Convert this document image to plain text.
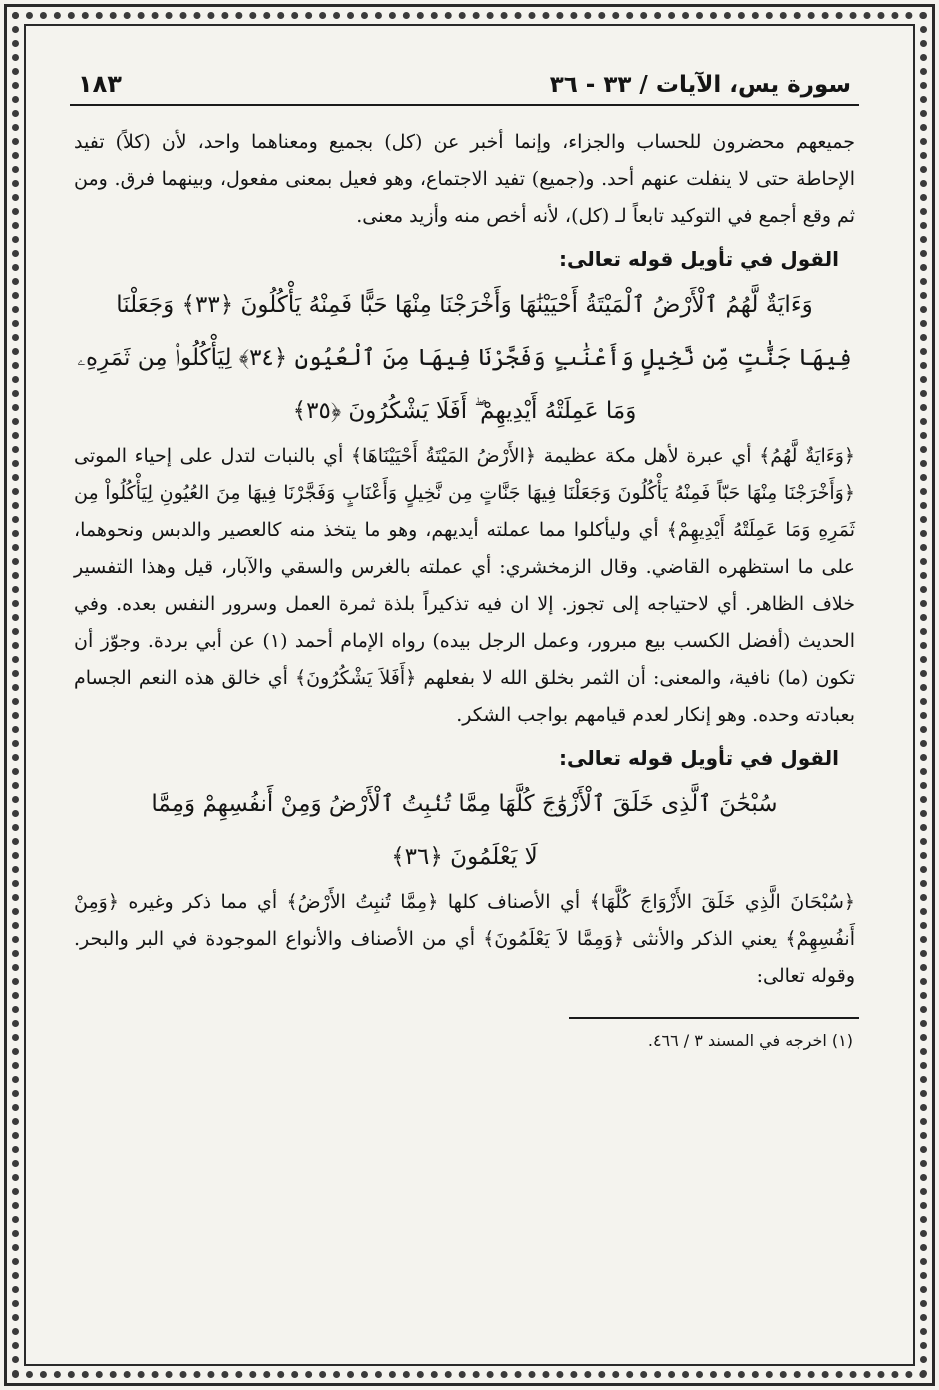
سورة يس، الآيات / ٣٣ - ٣٦
١٨٣

جميعهم محضرون للحساب والجزاء، وإنما أخبر عن (كل) بجميع ومعناهما واحد، لأن (كلاً) تفيد الإحاطة حتى لا ينفلت عنهم أحد. و(جميع) تفيد الاجتماع، وهو فعيل بمعنى مفعول، وبينهما فرق. ومن ثم وقع أجمع في التوكيد تابعاً لـ (كل)، لأنه أخص منه وأزيد معنى.

القول في تأويل قوله تعالى:

وَءَايَةٌ لَّهُمُ ٱلْأَرْضُ ٱلْمَيْتَةُ أَحْيَيْنَٰهَا وَأَخْرَجْنَا مِنْهَا حَبًّا فَمِنْهُ يَأْكُلُونَ ﴿٣٣﴾ وَجَعَلْنَا

فِيهَا جَنَّٰتٍ مِّن نَّخِيلٍ وَأَعْنَٰبٍ وَفَجَّرْنَا فِيهَا مِنَ ٱلْعُيُونِ ﴿٣٤﴾ لِيَأْكُلُوا۟ مِن ثَمَرِهِۦ

وَمَا عَمِلَتْهُ أَيْدِيهِمْ ۖ أَفَلَا يَشْكُرُونَ ﴿٣٥﴾

﴿وَءَايَةٌ لَّهُمُ﴾ أي عبرة لأهل مكة عظيمة ﴿الأَرْضُ المَيْتَةُ أَحْيَيْنَاهَا﴾ أي بالنبات لتدل على إحياء الموتى ﴿وَأَخْرَجْنَا مِنْهَا حَبّاً فَمِنْهُ يَأْكُلُونَ وَجَعَلْنَا فِيهَا جَنَّاتٍ مِن نَّخِيلٍ وَأَعْنَابٍ وَفَجَّرْنَا فِيهَا مِنَ العُيُونِ لِيَأْكُلُواْ مِن ثَمَرِهِ وَمَا عَمِلَتْهُ أَيْدِيهِمْ﴾ أي وليأكلوا مما عملته أيديهم، وهو ما يتخذ منه كالعصير والدبس ونحوهما، على ما استظهره القاضي. وقال الزمخشري: أي عملته بالغرس والسقي والآبار، قيل وهذا التفسير خلاف الظاهر. أي لاحتياجه إلى تجوز. إلا ان فيه تذكيراً بلذة ثمرة العمل وسرور النفس بعده. وفي الحديث (أفضل الكسب بيع مبرور، وعمل الرجل بيده) رواه الإمام أحمد (١) عن أبي بردة. وجوّز أن تكون (ما) نافية، والمعنى: أن الثمر بخلق الله لا بفعلهم ﴿أَفَلاَ يَشْكُرُونَ﴾ أي خالق هذه النعم الجسام بعبادته وحده. وهو إنكار لعدم قيامهم بواجب الشكر.

القول في تأويل قوله تعالى:

سُبْحَٰنَ ٱلَّذِى خَلَقَ ٱلْأَزْوَٰجَ كُلَّهَا مِمَّا تُنۢبِتُ ٱلْأَرْضُ وَمِنْ أَنفُسِهِمْ وَمِمَّا

لَا يَعْلَمُونَ ﴿٣٦﴾

﴿سُبْحَانَ الَّذِي خَلَقَ الأَزْوَاجَ كُلَّهَا﴾ أي الأصناف كلها ﴿مِمَّا تُنبِتُ الأَرْضُ﴾ أي مما ذكر وغيره ﴿وَمِنْ أَنفُسِهِمْ﴾ يعني الذكر والأنثى ﴿وَمِمَّا لاَ يَعْلَمُونَ﴾ أي من الأصناف والأنواع الموجودة في البر والبحر. وقوله تعالى:

(١) اخرجه في المسند ٣ / ٤٦٦.
